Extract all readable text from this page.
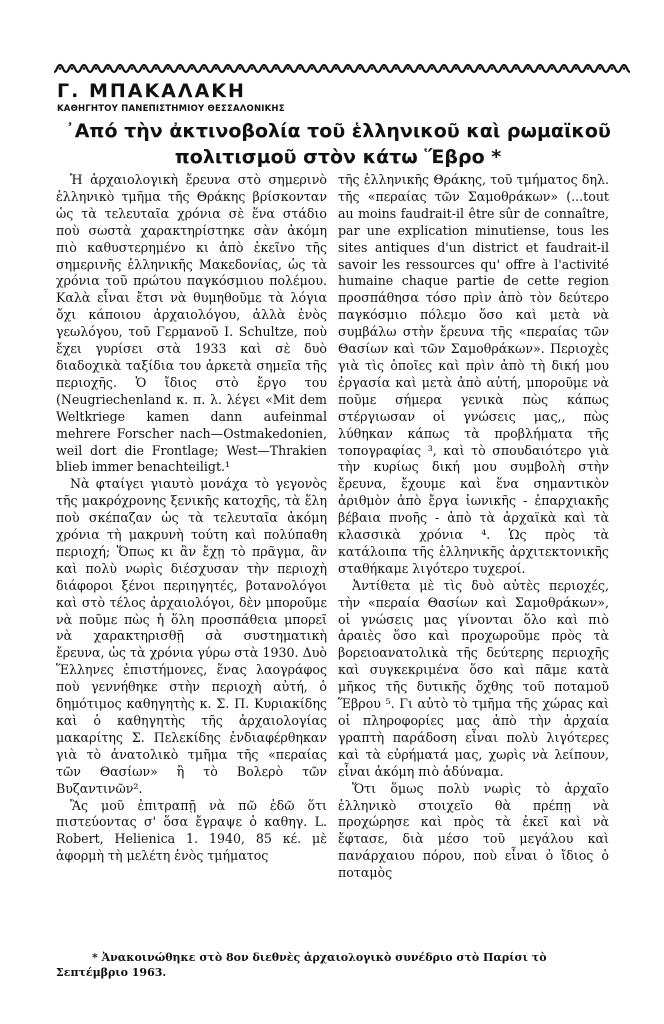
Γ. ΜΠΑΚΑΛΑΚΗ
ΚΑΘΗΓΗΤΟΥ ΠΑΝΕΠΙΣΤΗΜΙΟΥ ΘΕΣΣΑΛΟΝΙΚΗΣ
᾿Από τὴν ἀκτινοβολία τοῦ ἑλληνικοῦ καὶ ρωμαϊκοῦ πολιτισμοῦ στὸν κάτω Ἕβρο *

Ἡ ἀρχαιολογικὴ ἔρευνα στὸ σημερινὸ ἑλληνικὸ τμῆμα τῆς Θράκης βρίσκονταν ὡς τὰ τελευταῖα χρόνια σὲ ἕνα στάδιο ποὺ σωστὰ χαρακτηρίστηκε σὰν ἀκόμη πιὸ καθυστερημένο κι ἀπὸ ἐκεῖνο τῆς σημερινῆς ἑλληνικῆς Μακεδονίας, ὡς τὰ χρόνια τοῦ πρώτου παγκόσμιου πολέμου. Καλὰ εἶναι ἔτσι νὰ θυμηθοῦμε τὰ λόγια ὄχι κάποιου ἀρχαιολόγου, ἀλλὰ ἑνὸς γεωλόγου, τοῦ Γερμανοῦ I. Schultze, ποὺ ἔχει γυρίσει στὰ 1933 καὶ σὲ δυὸ διαδοχικὰ ταξίδια του ἀρκετὰ σημεῖα τῆς περιοχῆς. Ὁ ἴδιος στὸ ἔργο του (Neugriechenland κ. π. λ. λέγει «Mit dem Weltkriege kamen dann aufeinmal mehrere Forscher nach—Ostmakedonien, weil dort die Frontlage; West—Thrakien blieb immer benachteiligt.¹

Νὰ φταίγει γιαυτὸ μονάχα τὸ γεγονὸς τῆς μακρόχρονης ξενικῆς κατοχῆς, τὰ ἕλη ποὺ σκέπαζαν ὡς τὰ τελευταῖα ἀκόμη χρόνια τὴ μακρυνὴ τούτη καὶ πολύπαθη περιοχή; Ὅπως κι ἂν ἔχῃ τὸ πρᾶγμα, ἂν καὶ πολὺ νωρὶς διέσχυσαν τὴν περιοχὴ διάφοροι ξένοι περιηγητές, βοτανολόγοι καὶ στὸ τέλος ἀρχαιολόγοι, δὲν μποροῦμε νὰ ποῦμε πὼς ἡ ὅλη προσπάθεια μπορεῖ νὰ χαρακτηρισθῇ σὰ συστηματικὴ ἔρευνα, ὡς τὰ χρόνια γύρω στὰ 1930. Δυὸ Ἕλληνες ἐπιστήμονες, ἕνας λαογράφος ποὺ γεννήθηκε στὴν περιοχὴ αὐτή, ὁ δημότιμος καθηγητὴς κ. Σ. Π. Κυριακίδης καὶ ὁ καθηγητὴς τῆς ἀρχαιολογίας μακαρίτης Σ. Πελεκίδης ἐνδιαφέρθηκαν γιὰ τὸ ἀνατολικὸ τμῆμα τῆς «περαίας τῶν Θασίων» ἢ τὸ Βολερὸ τῶν Βυζαντινῶν².

Ἂς μοῦ ἐπιτραπῇ νὰ πῶ ἐδῶ ὅτι πιστεύοντας σ' ὅσα ἔγραψε ὁ καθηγ. L. Robert, Helienica 1. 1940, 85 κέ. μὲ ἀφορμὴ τὴ μελέτη ἑνὸς τμήματος

τῆς ἑλληνικῆς Θράκης, τοῦ τμήματος δηλ. τῆς «περαίας τῶν Σαμοθράκων» (...tout au moins faudrait-il être sûr de connaître, par une explication minutiense, tous les sites antiques d'un district et faudrait-il savoir les ressources qu' offre à l'activité humaine chaque partie de cette region προσπάθησα τόσο πρὶν ἀπὸ τὸν δεύτερο παγκόσμιο πόλεμο ὅσο καὶ μετὰ νὰ συμβάλω στὴν ἔρευνα τῆς «περαίας τῶν Θασίων καὶ τῶν Σαμοθράκων». Περιοχὲς γιὰ τὶς ὁποῖες καὶ πρὶν ἀπὸ τὴ δική μου ἐργασία καὶ μετὰ ἀπὸ αὐτή, μποροῦμε νὰ ποῦμε σήμερα γενικὰ πὼς κάπως στέργιωσαν οἱ γνώσεις μας,, πὼς λύθηκαν κάπως τὰ προβλήματα τῆς τοπογραφίας ³, καὶ τὸ σπουδαιότερο γιὰ τὴν κυρίως δική μου συμβολὴ στὴν ἔρευνα, ἔχουμε καὶ ἕνα σημαντικὸν ἀριθμὸν ἀπὸ ἔργα ἰωνικῆς - ἐπαρχιακῆς βέβαια πνοῆς - ἀπὸ τὰ ἀρχαϊκὰ καὶ τὰ κλασσικὰ χρόνια ⁴. Ὡς πρὸς τὰ κατάλοιπα τῆς ἑλληνικῆς ἀρχιτεκτονικῆς σταθήκαμε λιγότερο τυχεροί.

Ἀντίθετα μὲ τὶς δυὸ αὐτὲς περιοχές, τὴν «περαία Θασίων καὶ Σαμοθράκων», οἱ γνώσεις μας γίνονται ὅλο καὶ πιὸ ἀραιὲς ὅσο καὶ προχωροῦμε πρὸς τὰ βορειοανατολικὰ τῆς δεύτερης περιοχῆς καὶ συγκεκριμένα ὅσο καὶ πᾶμε κατὰ μῆκος τῆς δυτικῆς ὄχθης τοῦ ποταμοῦ Ἕβρου ⁵. Γι αὐτὸ τὸ τμῆμα τῆς χώρας καὶ οἱ πληροφορίες μας ἀπὸ τὴν ἀρχαία γραπτὴ παράδοση εἶναι πολὺ λιγότερες καὶ τὰ εὑρήματά μας, χωρὶς νὰ λείπουν, εἶναι ἀκόμη πιὸ ἀδύναμα.

Ὅτι ὅμως πολὺ νωρὶς τὸ ἀρχαῖο ἑλληνικὸ στοιχεῖο θὰ πρέπῃ νὰ προχώρησε καὶ πρὸς τὰ ἐκεῖ καὶ νὰ ἔφτασε, διὰ μέσο τοῦ μεγάλου καὶ πανάρχαιου πόρου, ποὺ εἶναι ὁ ἴδιος ὁ ποταμὸς

* Ἀνακοινώθηκε στὸ 8ον διεθνὲς ἀρχαιολογικὸ συνέδριο στὸ Παρίσι τὸ Σεπτέμβριο 1963.
